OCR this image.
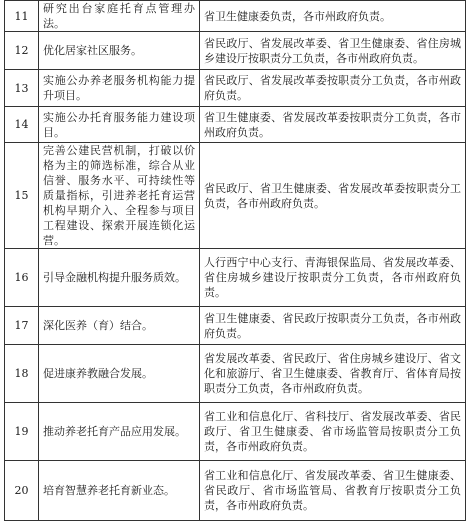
11	研究出台家庭托育点管理办法。	省卫生健康委负责，各市州政府负责。

12	优化居家社区服务。	省民政厅、省发展改革委、省卫生健康委、省住房城乡建设厅按职责分工负责，各市州政府负责。

13	实施公办养老服务机构能力提升项目。	省民政厅、省发展改革委按职责分工负责，各市州政府负责。

14	实施公办托育服务能力建设项目。	省卫生健康委、省发展改革委按职责分工负责，各市州政府负责。

15	完善公建民营机制，打破以价格为主的筛选标准，综合从业信誉、服务水平、可持续性等质量指标，引进养老托育运营机构早期介入、全程参与项目工程建设、探索开展连锁化运营。	省民政厅、省卫生健康委、省发展改革委按职责分工负责，各市州政府负责。

16	引导金融机构提升服务质效。	人行西宁中心支行、青海银保监局、省发展改革委、省住房城乡建设厅按职责分工负责，各市州政府负责。

17	深化医养（育）结合。	省卫生健康委、省民政厅按职责分工负责，各市州政府负责。

18	促进康养教融合发展。	省发展改革委、省民政厅、省住房城乡建设厅、省文化和旅游厅、省卫生健康委、省教育厅、省体育局按职责分工负责，各市州政府负责。

19	推动养老托育产品应用发展。	省工业和信息化厅、省科技厅、省发展改革委、省民政厅、省卫生健康委、省市场监管局按职责分工负责，各市州政府负责。

20	培育智慧养老托育新业态。	省工业和信息化厅、省发展改革委、省卫生健康委、省民政厅、省市场监管局、省教育厅按职责分工负责，各市州政府负责。
